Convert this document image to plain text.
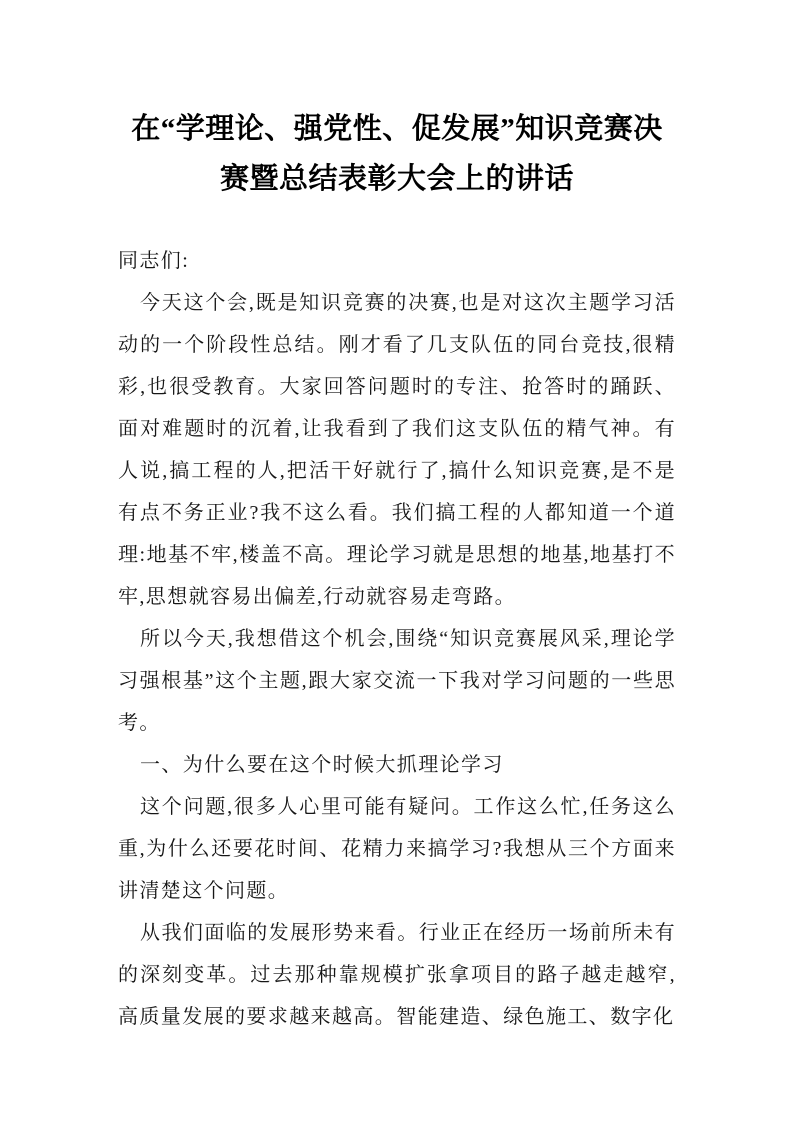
在“学理论、强党性、促发展”知识竞赛决赛暨总结表彰大会上的讲话

同志们:

今天这个会,既是知识竞赛的决赛,也是对这次主题学习活动的一个阶段性总结。刚才看了几支队伍的同台竞技,很精彩,也很受教育。大家回答问题时的专注、抢答时的踊跃、面对难题时的沉着,让我看到了我们这支队伍的精气神。有人说,搞工程的人,把活干好就行了,搞什么知识竞赛,是不是有点不务正业?我不这么看。我们搞工程的人都知道一个道理:地基不牢,楼盖不高。理论学习就是思想的地基,地基打不牢,思想就容易出偏差,行动就容易走弯路。

所以今天,我想借这个机会,围绕“知识竞赛展风采,理论学习强根基”这个主题,跟大家交流一下我对学习问题的一些思考。

一、为什么要在这个时候大抓理论学习

这个问题,很多人心里可能有疑问。工作这么忙,任务这么重,为什么还要花时间、花精力来搞学习?我想从三个方面来讲清楚这个问题。

从我们面临的发展形势来看。行业正在经历一场前所未有的深刻变革。过去那种靠规模扩张拿项目的路子越走越窄,高质量发展的要求越来越高。智能建造、绿色施工、数字化
